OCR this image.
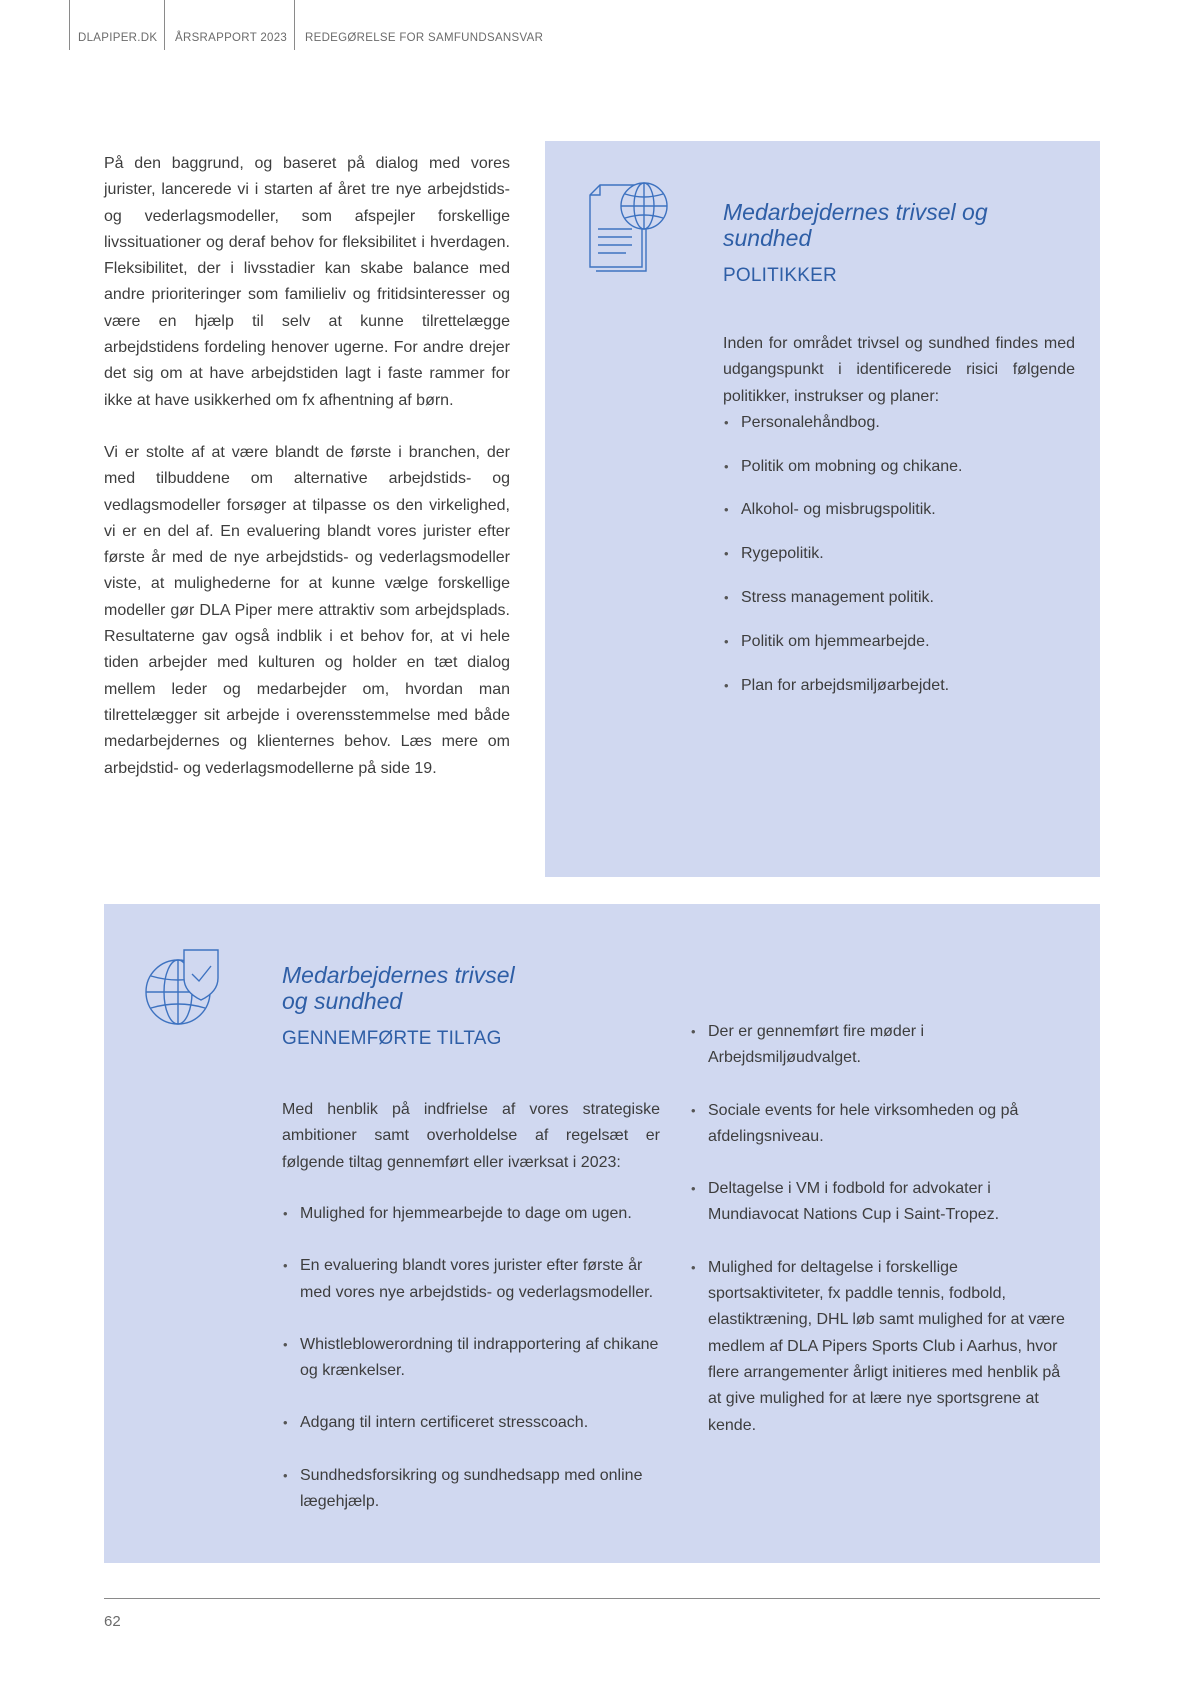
DLAPIPER.DK ÅRSRAPPORT 2023 REDEGØRELSE FOR SAMFUNDSANSVAR

På den baggrund, og baseret på dialog med vores jurister, lancerede vi i starten af året tre nye arbejdstids- og vederlagsmodeller, som afspejler forskellige livssituationer og deraf behov for fleksibilitet i hverdagen. Fleksibilitet, der i livsstadier kan skabe balance med andre prioriteringer som familieliv og fritidsinteresser og være en hjælp til selv at kunne tilrettelægge arbejdstidens fordeling henover ugerne. For andre drejer det sig om at have arbejdstiden lagt i faste rammer for ikke at have usikkerhed om fx afhentning af børn.

Vi er stolte af at være blandt de første i branchen, der med tilbuddene om alternative arbejdstids- og vedlagsmodeller forsøger at tilpasse os den virkelighed, vi er en del af. En evaluering blandt vores jurister efter første år med de nye arbejdstids- og vederlagsmodeller viste, at mulighederne for at kunne vælge forskellige modeller gør DLA Piper mere attraktiv som arbejdsplads. Resultaterne gav også indblik i et behov for, at vi hele tiden arbejder med kulturen og holder en tæt dialog mellem leder og medarbejder om, hvordan man tilrettelægger sit arbejde i overensstemmelse med både medarbejdernes og klienternes behov. Læs mere om arbejdstid- og vederlagsmodellerne på side 19.

Medarbejdernes trivsel og sundhed
POLITIKKER

Inden for området trivsel og sundhed findes med udgangspunkt i identificerede risici følgende politikker, instrukser og planer:

• Personalehåndbog.
• Politik om mobning og chikane.
• Alkohol- og misbrugspolitik.
• Rygepolitik.
• Stress management politik.
• Politik om hjemmearbejde.
• Plan for arbejdsmiljøarbejdet.
Medarbejdernes trivsel og sundhed
GENNEMFØRTE TILTAG

Med henblik på indfrielse af vores strategiske ambitioner samt overholdelse af regelsæt er følgende tiltag gennemført eller iværksat i 2023:

• Mulighed for hjemmearbejde to dage om ugen.
• En evaluering blandt vores jurister efter første år med vores nye arbejdstids- og vederlagsmodeller.
• Whistleblowerordning til indrapportering af chikane og krænkelser.
• Adgang til intern certificeret stresscoach.
• Sundhedsforsikring og sundhedsapp med online lægehjælp.
• Der er gennemført fire møder i Arbejdsmiljøudvalget.
• Sociale events for hele virksomheden og på afdelingsniveau.
• Deltagelse i VM i fodbold for advokater i Mundiavocat Nations Cup i Saint-Tropez.
• Mulighed for deltagelse i forskellige sportsaktiviteter, fx paddle tennis, fodbold, elastiktræning, DHL løb samt mulighed for at være medlem af DLA Pipers Sports Club i Aarhus, hvor flere arrangementer årligt initieres med henblik på at give mulighed for at lære nye sportsgrene at kende.
62
